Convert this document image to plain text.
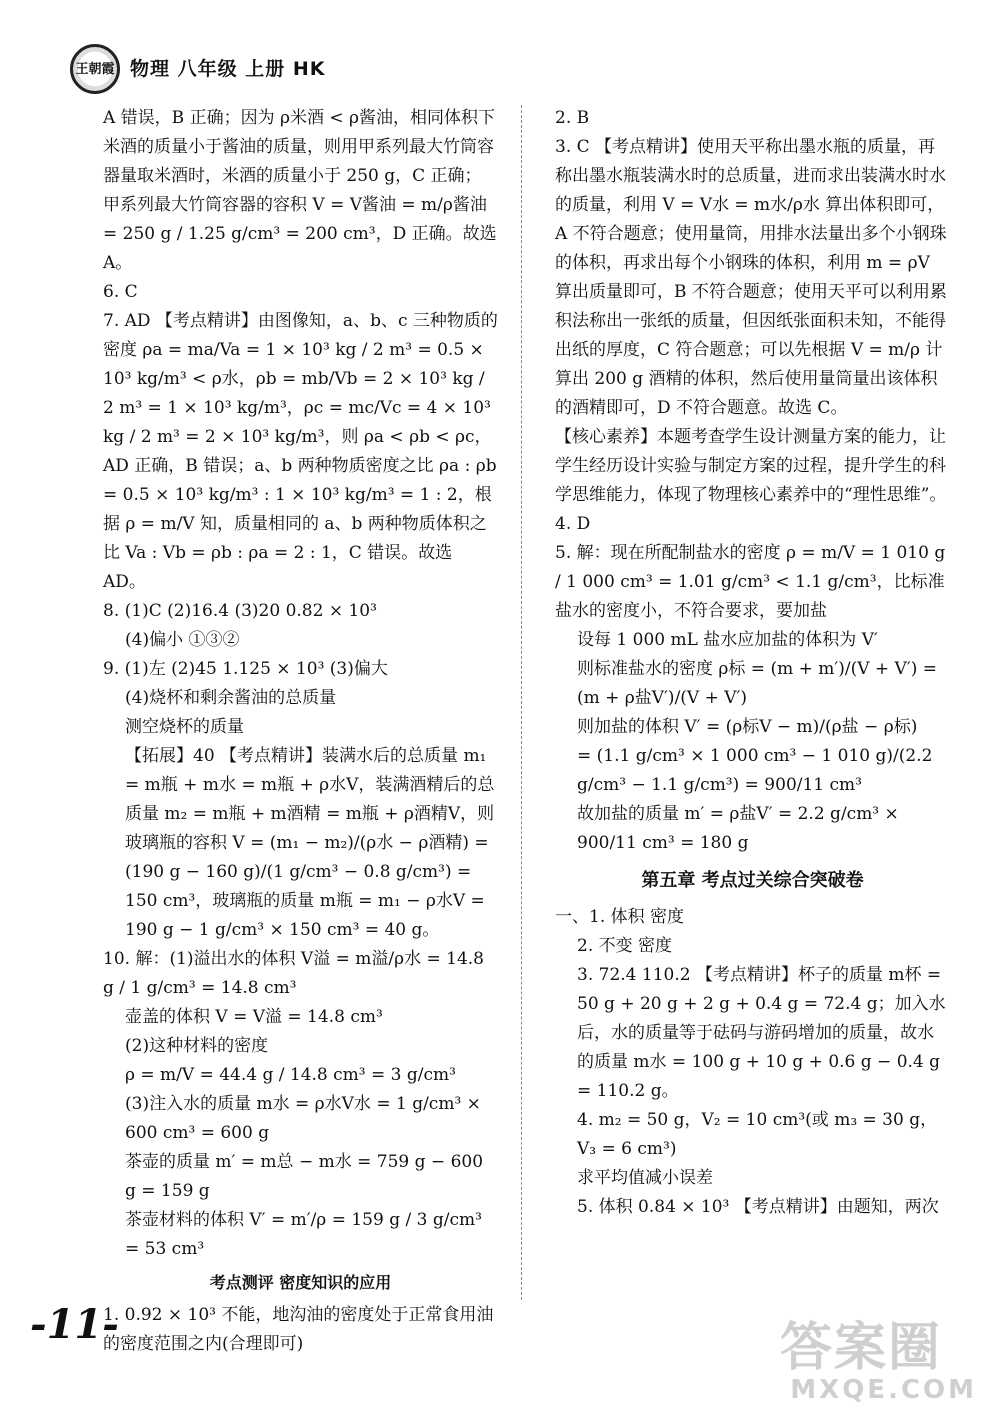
王朝霞 物理 八年级 上册 HK

A 错误，B 正确；因为 ρ米酒 < ρ酱油，相同体积下米酒的质量小于酱油的质量，则用甲系列最大竹筒容器量取米酒时，米酒的质量小于 250 g，C 正确；甲系列最大竹筒容器的容积 V = V酱油 = m/ρ酱油 = 250 g / 1.25 g/cm³ = 200 cm³，D 正确。故选 A。

6. C

7. AD 【考点精讲】由图像知，a、b、c 三种物质的密度 ρa = ma/Va = 1 × 10³ kg / 2 m³ = 0.5 × 10³ kg/m³ < ρ水，ρb = mb/Vb = 2 × 10³ kg / 2 m³ = 1 × 10³ kg/m³，ρc = mc/Vc = 4 × 10³ kg / 2 m³ = 2 × 10³ kg/m³，则 ρa < ρb < ρc，AD 正确，B 错误；a、b 两种物质密度之比 ρa : ρb = 0.5 × 10³ kg/m³ : 1 × 10³ kg/m³ = 1 : 2，根据 ρ = m/V 知，质量相同的 a、b 两种物质体积之比 Va : Vb = ρb : ρa = 2 : 1，C 错误。故选 AD。

8. (1)C (2)16.4 (3)20 0.82 × 10³

(4)偏小 ①③②

9. (1)左 (2)45 1.125 × 10³ (3)偏大

(4)烧杯和剩余酱油的总质量

测空烧杯的质量

【拓展】40 【考点精讲】装满水后的总质量 m₁ = m瓶 + m水 = m瓶 + ρ水V，装满酒精后的总质量 m₂ = m瓶 + m酒精 = m瓶 + ρ酒精V，则玻璃瓶的容积 V = (m₁ − m₂)/(ρ水 − ρ酒精) = (190 g − 160 g)/(1 g/cm³ − 0.8 g/cm³) = 150 cm³，玻璃瓶的质量 m瓶 = m₁ − ρ水V = 190 g − 1 g/cm³ × 150 cm³ = 40 g。

10. 解：(1)溢出水的体积 V溢 = m溢/ρ水 = 14.8 g / 1 g/cm³ = 14.8 cm³

壶盖的体积 V = V溢 = 14.8 cm³

(2)这种材料的密度

ρ = m/V = 44.4 g / 14.8 cm³ = 3 g/cm³

(3)注入水的质量 m水 = ρ水V水 = 1 g/cm³ × 600 cm³ = 600 g

茶壶的质量 m′ = m总 − m水 = 759 g − 600 g = 159 g

茶壶材料的体积 V′ = m′/ρ = 159 g / 3 g/cm³ = 53 cm³

考点测评 密度知识的应用

1. 0.92 × 10³ 不能，地沟油的密度处于正常食用油的密度范围之内(合理即可)

2. B

3. C 【考点精讲】使用天平称出墨水瓶的质量，再称出墨水瓶装满水时的总质量，进而求出装满水时水的质量，利用 V = V水 = m水/ρ水 算出体积即可，A 不符合题意；使用量筒，用排水法量出多个小钢珠的体积，再求出每个小钢珠的体积，利用 m = ρV 算出质量即可，B 不符合题意；使用天平可以利用累积法称出一张纸的质量，但因纸张面积未知，不能得出纸的厚度，C 符合题意；可以先根据 V = m/ρ 计算出 200 g 酒精的体积，然后使用量筒量出该体积的酒精即可，D 不符合题意。故选 C。

【核心素养】本题考查学生设计测量方案的能力，让学生经历设计实验与制定方案的过程，提升学生的科学思维能力，体现了物理核心素养中的“理性思维”。

4. D

5. 解：现在所配制盐水的密度 ρ = m/V = 1 010 g / 1 000 cm³ = 1.01 g/cm³ < 1.1 g/cm³，比标准盐水的密度小，不符合要求，要加盐

设每 1 000 mL 盐水应加盐的体积为 V′

则标准盐水的密度 ρ标 = (m + m′)/(V + V′) = (m + ρ盐V′)/(V + V′)

则加盐的体积 V′ = (ρ标V − m)/(ρ盐 − ρ标)

= (1.1 g/cm³ × 1 000 cm³ − 1 010 g)/(2.2 g/cm³ − 1.1 g/cm³) = 900/11 cm³

故加盐的质量 m′ = ρ盐V′ = 2.2 g/cm³ × 900/11 cm³ = 180 g

第五章 考点过关综合突破卷

一、1. 体积 密度

2. 不变 密度

3. 72.4 110.2 【考点精讲】杯子的质量 m杯 = 50 g + 20 g + 2 g + 0.4 g = 72.4 g；加入水后，水的质量等于砝码与游码增加的质量，故水的质量 m水 = 100 g + 10 g + 0.6 g − 0.4 g = 110.2 g。

4. m₂ = 50 g，V₂ = 10 cm³(或 m₃ = 30 g，V₃ = 6 cm³)

求平均值减小误差

5. 体积 0.84 × 10³ 【考点精讲】由题知，两次

-11-	答案圈
MXQE.COM
